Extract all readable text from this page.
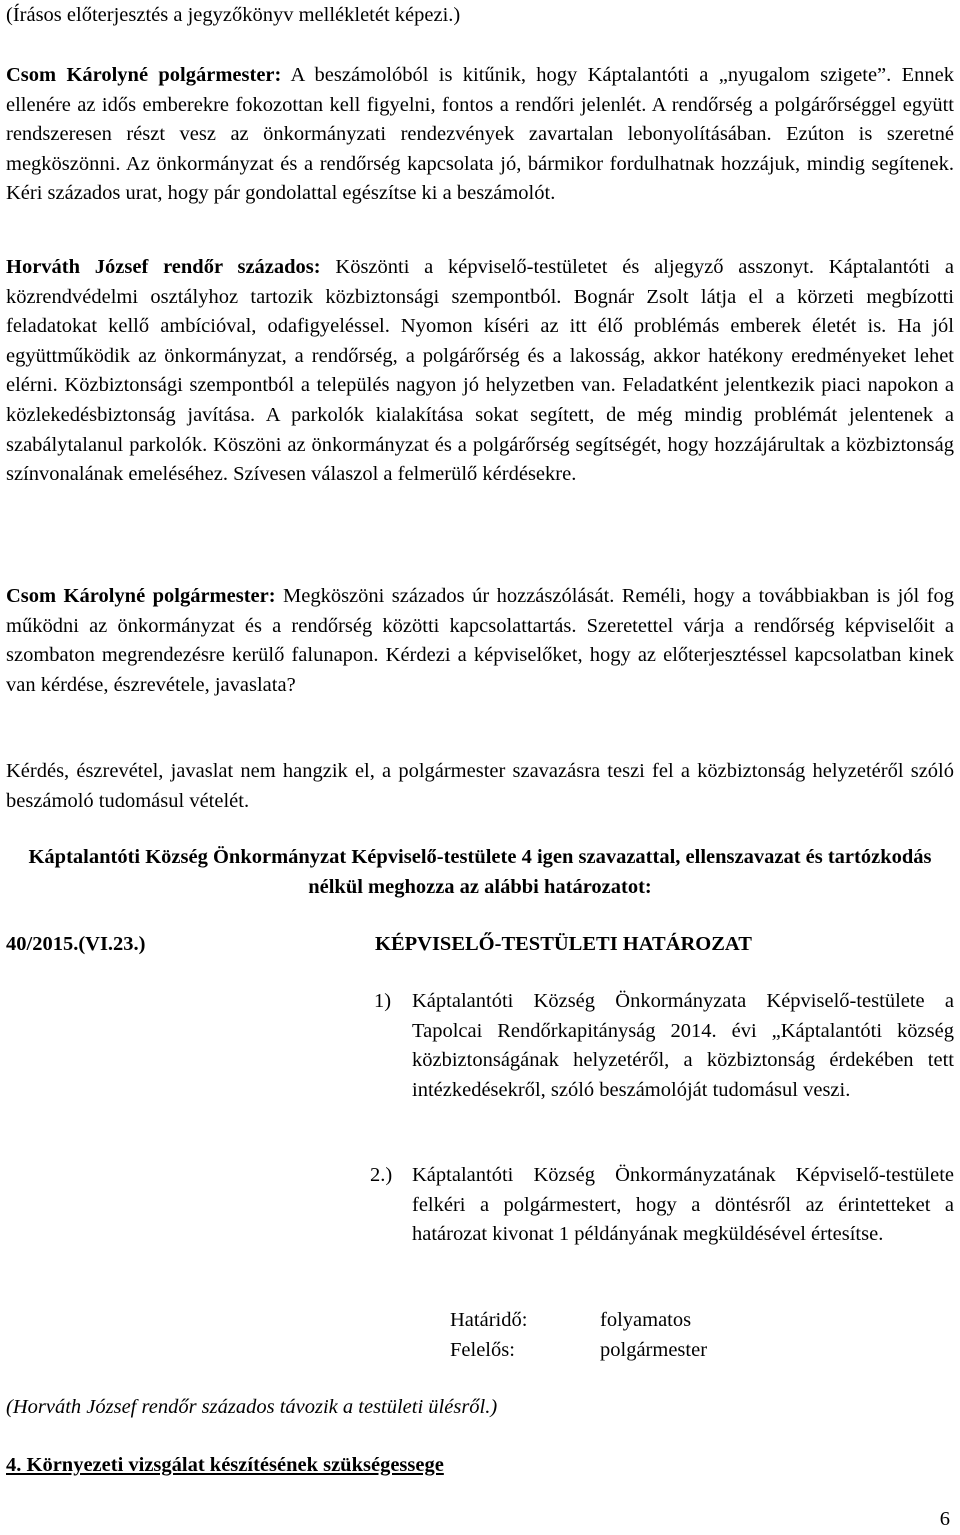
(Írásos előterjesztés a jegyzőkönyv mellékletét képezi.)

Csom Károlyné polgármester: A beszámolóból is kitűnik, hogy Káptalantóti a „nyugalom szigete”. Ennek ellenére az idős emberekre fokozottan kell figyelni, fontos a rendőri jelenlét. A rendőrség a polgárőrséggel együtt rendszeresen részt vesz az önkormányzati rendezvények zavartalan lebonyolításában. Ezúton is szeretné megköszönni. Az önkormányzat és a rendőrség kapcsolata jó, bármikor fordulhatnak hozzájuk, mindig segítenek. Kéri százados urat, hogy pár gondolattal egészítse ki a beszámolót.

Horváth József rendőr százados: Köszönti a képviselő-testületet és aljegyző asszonyt. Káptalantóti a közrendvédelmi osztályhoz tartozik közbiztonsági szempontból. Bognár Zsolt látja el a körzeti megbízotti feladatokat kellő ambícióval, odafigyeléssel. Nyomon kíséri az itt élő problémás emberek életét is. Ha jól együttműködik az önkormányzat, a rendőrség, a polgárőrség és a lakosság, akkor hatékony eredményeket lehet elérni. Közbiztonsági szempontból a település nagyon jó helyzetben van. Feladatként jelentkezik piaci napokon a közlekedésbiztonság javítása. A parkolók kialakítása sokat segített, de még mindig problémát jelentenek a szabálytalanul parkolók. Köszöni az önkormányzat és a polgárőrség segítségét, hogy hozzájárultak a közbiztonság színvonalának emeléséhez. Szívesen válaszol a felmerülő kérdésekre.

Csom Károlyné polgármester: Megköszöni százados úr hozzászólását. Reméli, hogy a továbbiakban is jól fog működni az önkormányzat és a rendőrség közötti kapcsolattartás. Szeretettel várja a rendőrség képviselőit a szombaton megrendezésre kerülő falunapon. Kérdezi a képviselőket, hogy az előterjesztéssel kapcsolatban kinek van kérdése, észrevétele, javaslata?

Kérdés, észrevétel, javaslat nem hangzik el, a polgármester szavazásra teszi fel a közbiztonság helyzetéről szóló beszámoló tudomásul vételét.

Káptalantóti Község Önkormányzat Képviselő-testülete 4 igen szavazattal, ellenszavazat és tartózkodás nélkül meghozza az alábbi határozatot:

40/2015.(VI.23.)	KÉPVISELŐ-TESTÜLETI HATÁROZAT
1)	Káptalantóti Község Önkormányzata Képviselő-testülete a Tapolcai Rendőrkapitányság 2014. évi „Káptalantóti község közbiztonságának helyzetéről, a közbiztonság érdekében tett intézkedésekről, szóló beszámolóját tudomásul veszi.
2.) Káptalantóti Község Önkormányzatának Képviselő-testülete felkéri a polgármestert, hogy a döntésről az érintetteket a határozat kivonat 1 példányának megküldésével értesítse.
Határidő:	folyamatos
Felelős:	polgármester
(Horváth József rendőr százados távozik a testületi ülésről.)
4. Környezeti vizsgálat készítésének szükségessege
6
